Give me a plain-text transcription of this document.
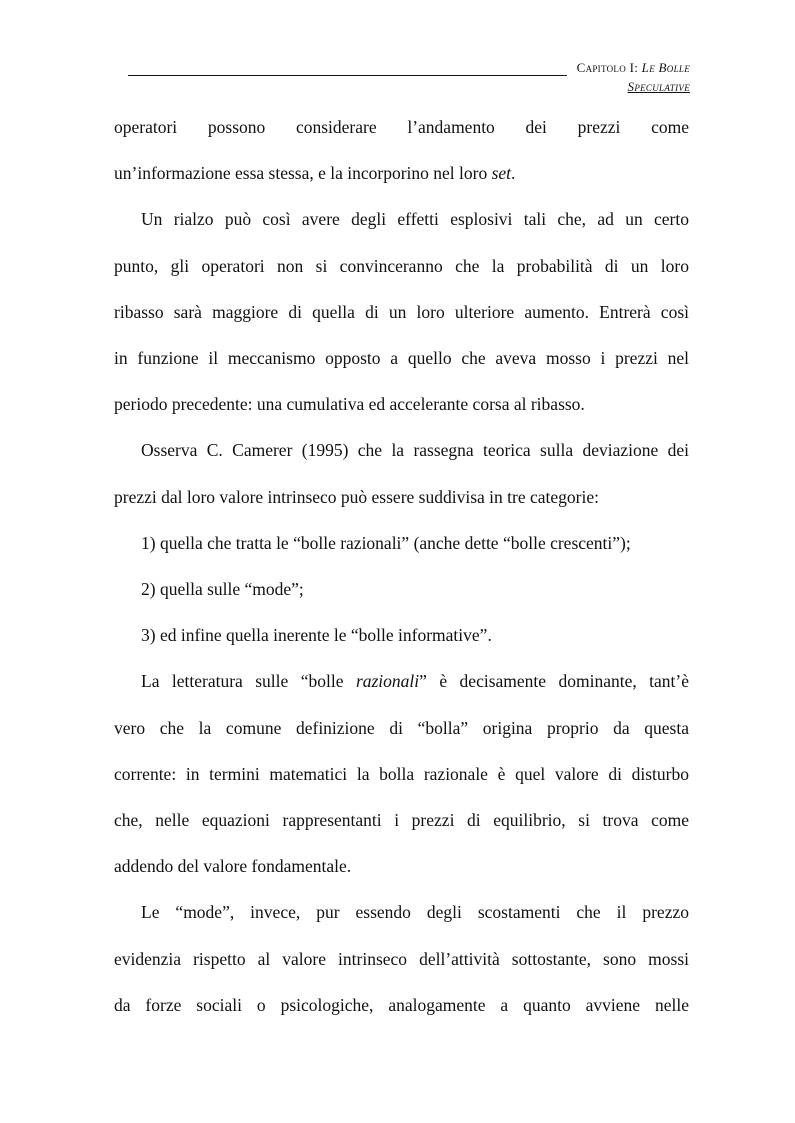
Capitolo I: Le Bolle
Speculative

operatori possono considerare l’andamento dei prezzi come

un’informazione essa stessa, e la incorporino nel loro set.

Un rialzo può così avere degli effetti esplosivi tali che, ad un certo

punto, gli operatori non si convinceranno che la probabilità di un loro

ribasso sarà maggiore di quella di un loro ulteriore aumento. Entrerà così

in funzione il meccanismo opposto a quello che aveva mosso i prezzi nel

periodo precedente: una cumulativa ed accelerante corsa al ribasso.

Osserva C. Camerer (1995) che la rassegna teorica sulla deviazione dei

prezzi dal loro valore intrinseco può essere suddivisa in tre categorie:

1) quella che tratta le “bolle razionali” (anche dette “bolle crescenti”);

2) quella sulle “mode”;

3) ed infine quella inerente le “bolle informative”.

La letteratura sulle “bolle razionali” è decisamente dominante, tant’è

vero che la comune definizione di “bolla” origina proprio da questa

corrente: in termini matematici la bolla razionale è quel valore di disturbo

che, nelle equazioni rappresentanti i prezzi di equilibrio, si trova come

addendo del valore fondamentale.

Le “mode”, invece, pur essendo degli scostamenti che il prezzo

evidenzia rispetto al valore intrinseco dell’attività sottostante, sono mossi

da forze sociali o psicologiche, analogamente a quanto avviene nelle
